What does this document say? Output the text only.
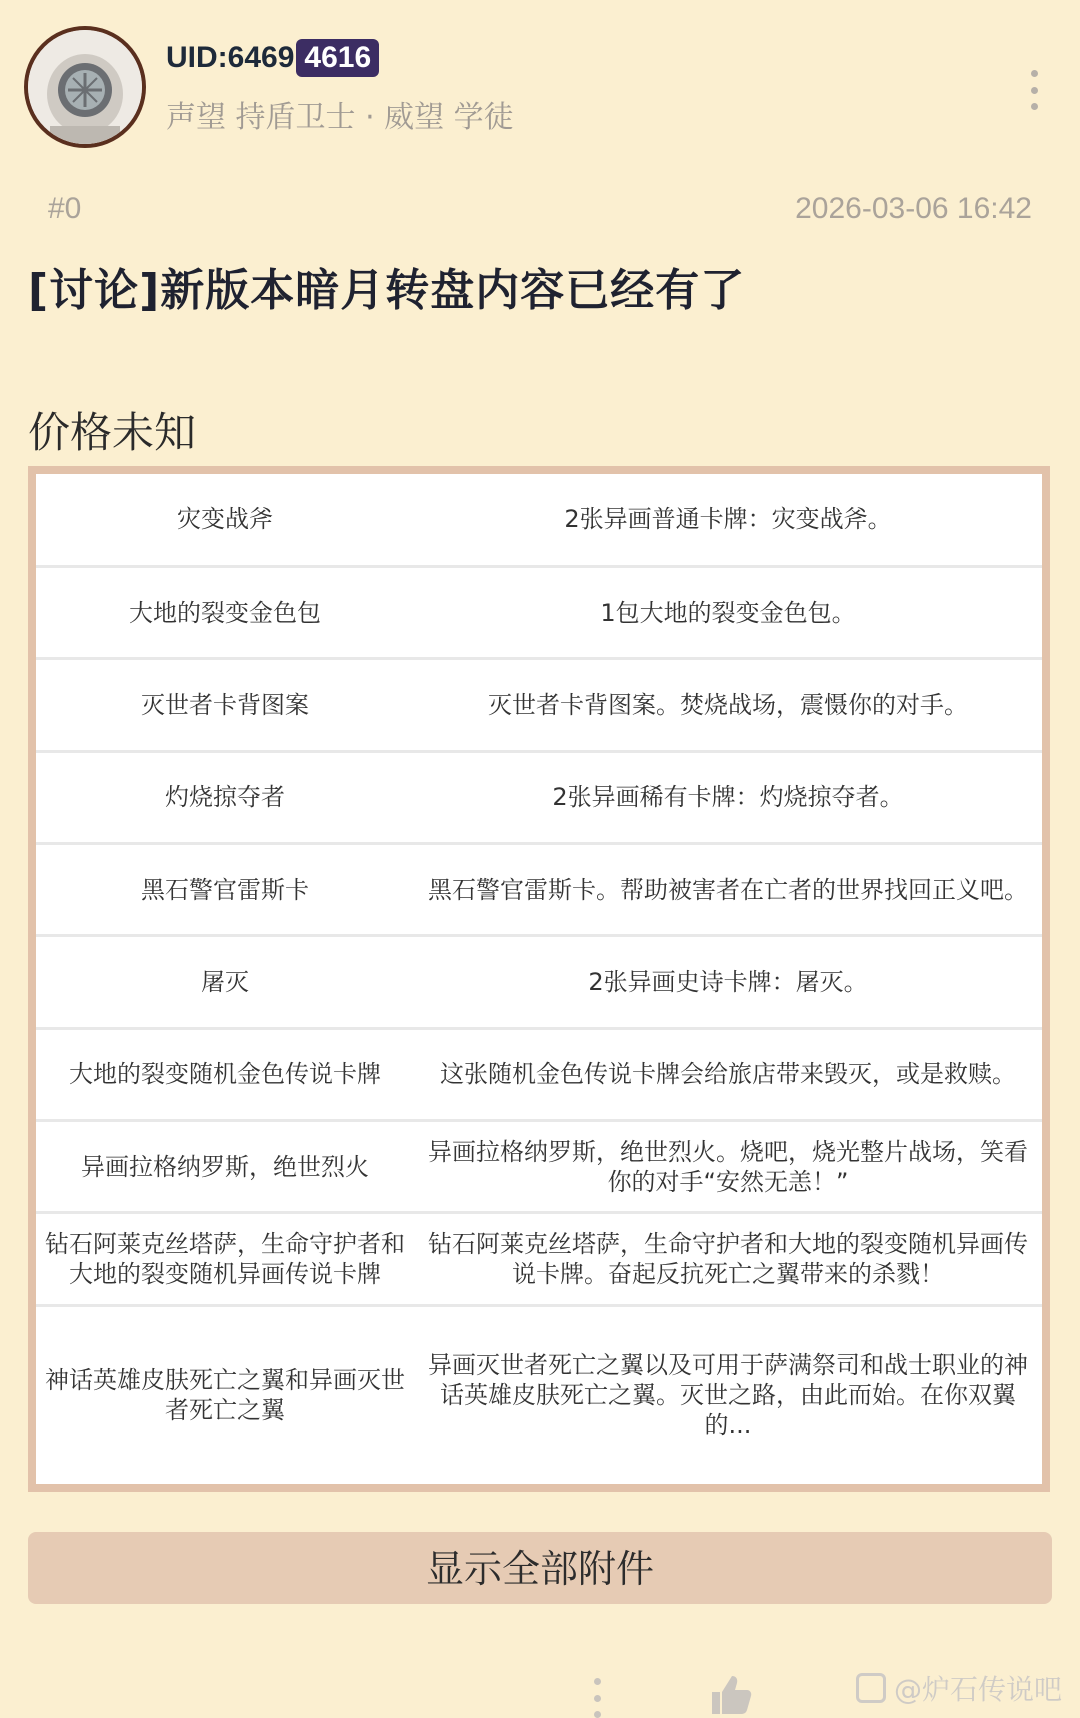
UID:6469 4616
声望 持盾卫士 · 威望 学徒
#0	2026-03-06 16:42
[讨论]新版本暗月转盘内容已经有了
价格未知
灾变战斧	2张异画普通卡牌：灾变战斧。
大地的裂变金色包	1包大地的裂变金色包。
灭世者卡背图案	灭世者卡背图案。焚烧战场，震慑你的对手。
灼烧掠夺者	2张异画稀有卡牌：灼烧掠夺者。
黑石警官雷斯卡	黑石警官雷斯卡。帮助被害者在亡者的世界找回正义吧。
屠灭	2张异画史诗卡牌：屠灭。
大地的裂变随机金色传说卡牌	这张随机金色传说卡牌会给旅店带来毁灭，或是救赎。
异画拉格纳罗斯，绝世烈火	异画拉格纳罗斯，绝世烈火。烧吧，烧光整片战场，笑看你的对手“安然无恙！”
钻石阿莱克丝塔萨，生命守护者和大地的裂变随机异画传说卡牌	钻石阿莱克丝塔萨，生命守护者和大地的裂变随机异画传说卡牌。奋起反抗死亡之翼带来的杀戮！
神话英雄皮肤死亡之翼和异画灭世者死亡之翼	异画灭世者死亡之翼以及可用于萨满祭司和战士职业的神话英雄皮肤死亡之翼。灭世之路，由此而始。在你双翼的...
显示全部附件
@炉石传说吧
